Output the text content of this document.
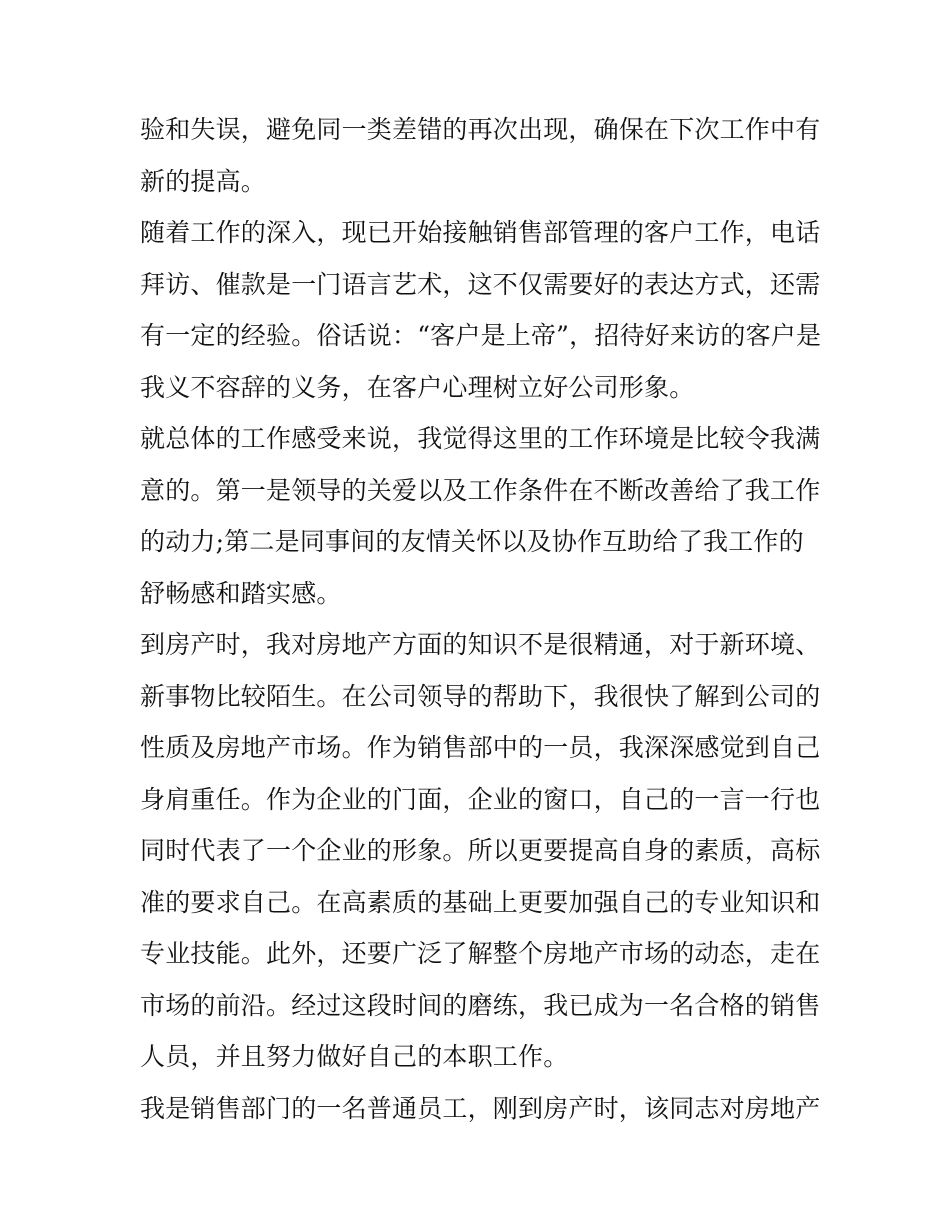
验和失误，避免同一类差错的再次出现，确保在下次工作中有
新的提高。
随着工作的深入，现已开始接触销售部管理的客户工作，电话
拜访、催款是一门语言艺术，这不仅需要好的表达方式，还需
有一定的经验。俗话说：“客户是上帝”，招待好来访的客户是
我义不容辞的义务，在客户心理树立好公司形象。
就总体的工作感受来说，我觉得这里的工作环境是比较令我满
意的。第一是领导的关爱以及工作条件在不断改善给了我工作
的动力;第二是同事间的友情关怀以及协作互助给了我工作的
舒畅感和踏实感。
到房产时，我对房地产方面的知识不是很精通，对于新环境、
新事物比较陌生。在公司领导的帮助下，我很快了解到公司的
性质及房地产市场。作为销售部中的一员，我深深感觉到自己
身肩重任。作为企业的门面，企业的窗口，自己的一言一行也
同时代表了一个企业的形象。所以更要提高自身的素质，高标
准的要求自己。在高素质的基础上更要加强自己的专业知识和
专业技能。此外，还要广泛了解整个房地产市场的动态，走在
市场的前沿。经过这段时间的磨练，我已成为一名合格的销售
人员，并且努力做好自己的本职工作。
我是销售部门的一名普通员工，刚到房产时，该同志对房地产
